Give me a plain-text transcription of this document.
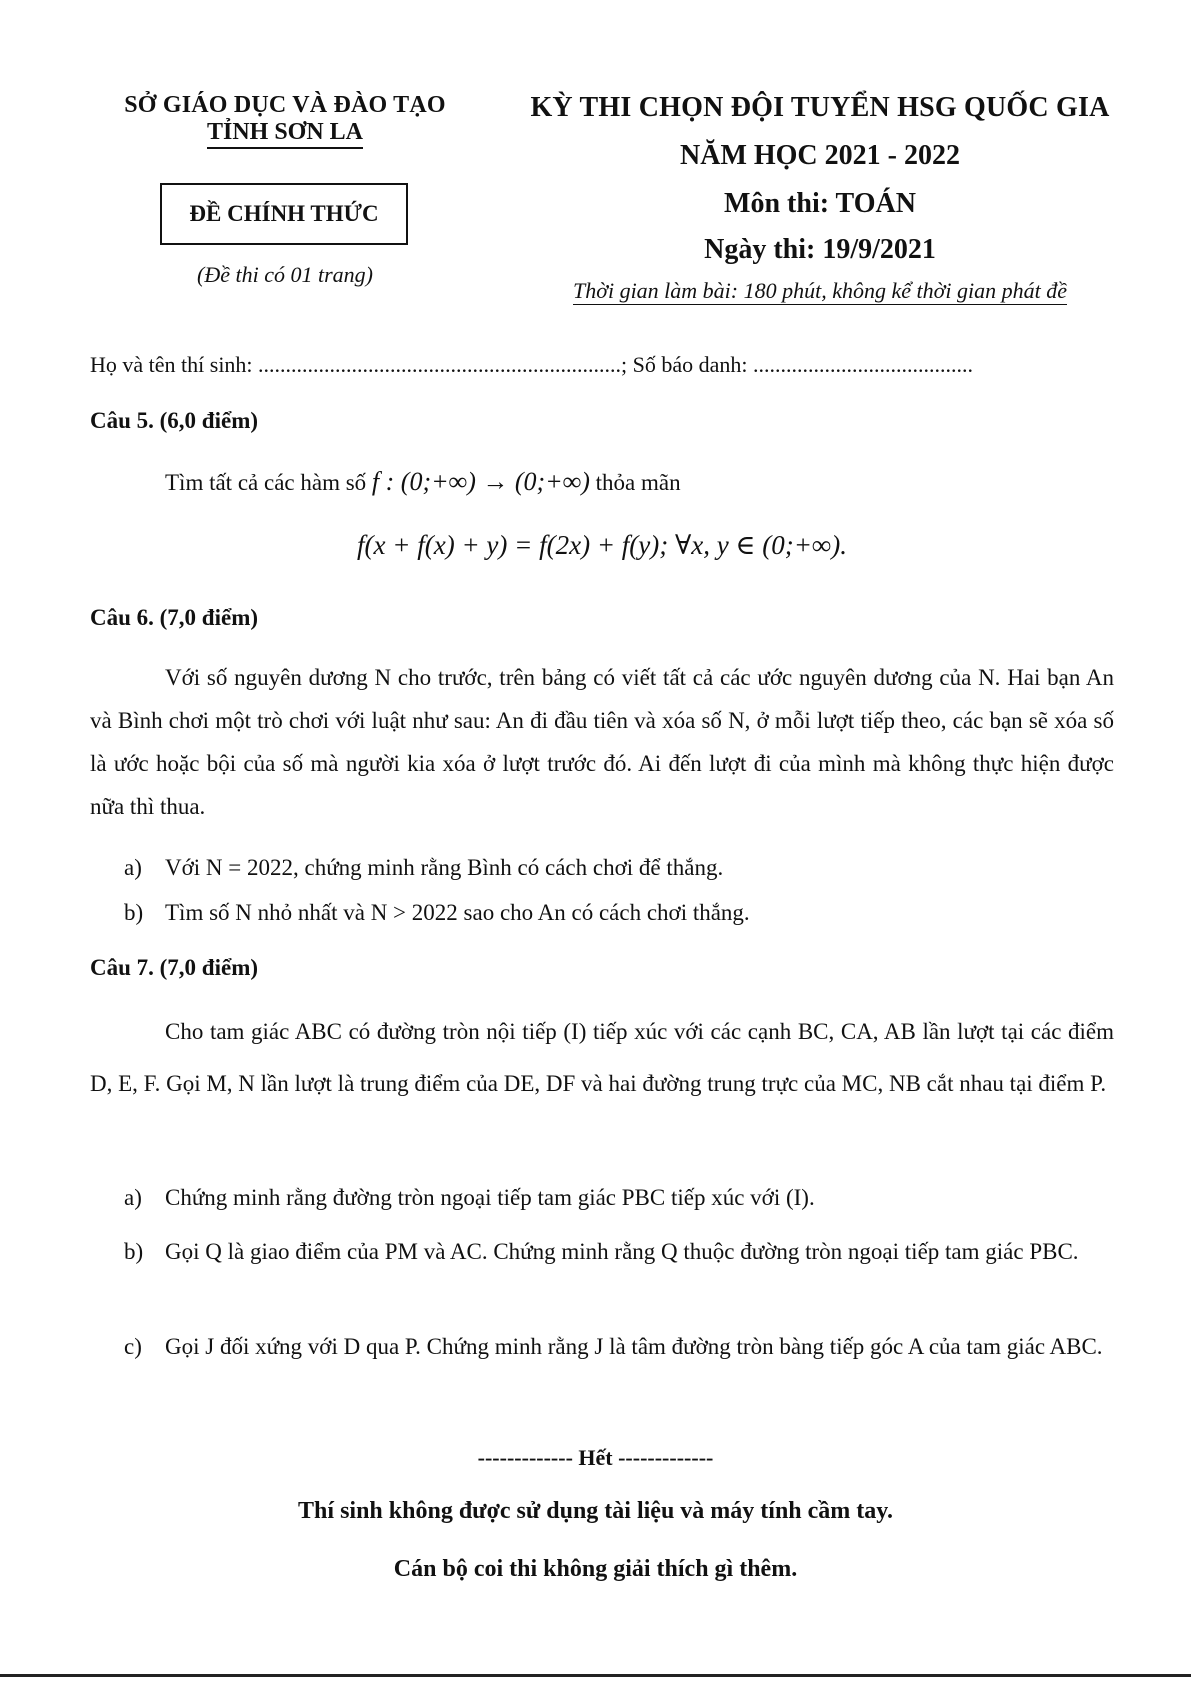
SỞ GIÁO DỤC VÀ ĐÀO TẠO
TỈNH SƠN LA
ĐỀ CHÍNH THỨC
(Đề thi có 01 trang)
KỲ THI CHỌN ĐỘI TUYỂN HSG QUỐC GIA
NĂM HỌC 2021 - 2022
Môn thi: TOÁN
Ngày thi: 19/9/2021
Thời gian làm bài: 180 phút, không kể thời gian phát đề
Họ và tên thí sinh: ..................................................................; Số báo danh: ........................................
Câu 5. (6,0 điểm)
Tìm tất cả các hàm số f : (0;+∞) → (0;+∞) thỏa mãn
f(x + f(x) + y) = f(2x) + f(y); ∀x, y ∈ (0;+∞).
Câu 6. (7,0 điểm)
Với số nguyên dương N cho trước, trên bảng có viết tất cả các ước nguyên dương của N. Hai bạn An và Bình chơi một trò chơi với luật như sau: An đi đầu tiên và xóa số N, ở mỗi lượt tiếp theo, các bạn sẽ xóa số là ước hoặc bội của số mà người kia xóa ở lượt trước đó. Ai đến lượt đi của mình mà không thực hiện được nữa thì thua.
a) Với N = 2022, chứng minh rằng Bình có cách chơi để thắng.
b) Tìm số N nhỏ nhất và N > 2022 sao cho An có cách chơi thắng.
Câu 7. (7,0 điểm)
Cho tam giác ABC có đường tròn nội tiếp (I) tiếp xúc với các cạnh BC, CA, AB lần lượt tại các điểm D, E, F. Gọi M, N lần lượt là trung điểm của DE, DF và hai đường trung trực của MC, NB cắt nhau tại điểm P.
a) Chứng minh rằng đường tròn ngoại tiếp tam giác PBC tiếp xúc với (I).
b) Gọi Q là giao điểm của PM và AC. Chứng minh rằng Q thuộc đường tròn ngoại tiếp tam giác PBC.
c) Gọi J đối xứng với D qua P. Chứng minh rằng J là tâm đường tròn bàng tiếp góc A của tam giác ABC.
------------- Hết -------------
Thí sinh không được sử dụng tài liệu và máy tính cầm tay.
Cán bộ coi thi không giải thích gì thêm.
